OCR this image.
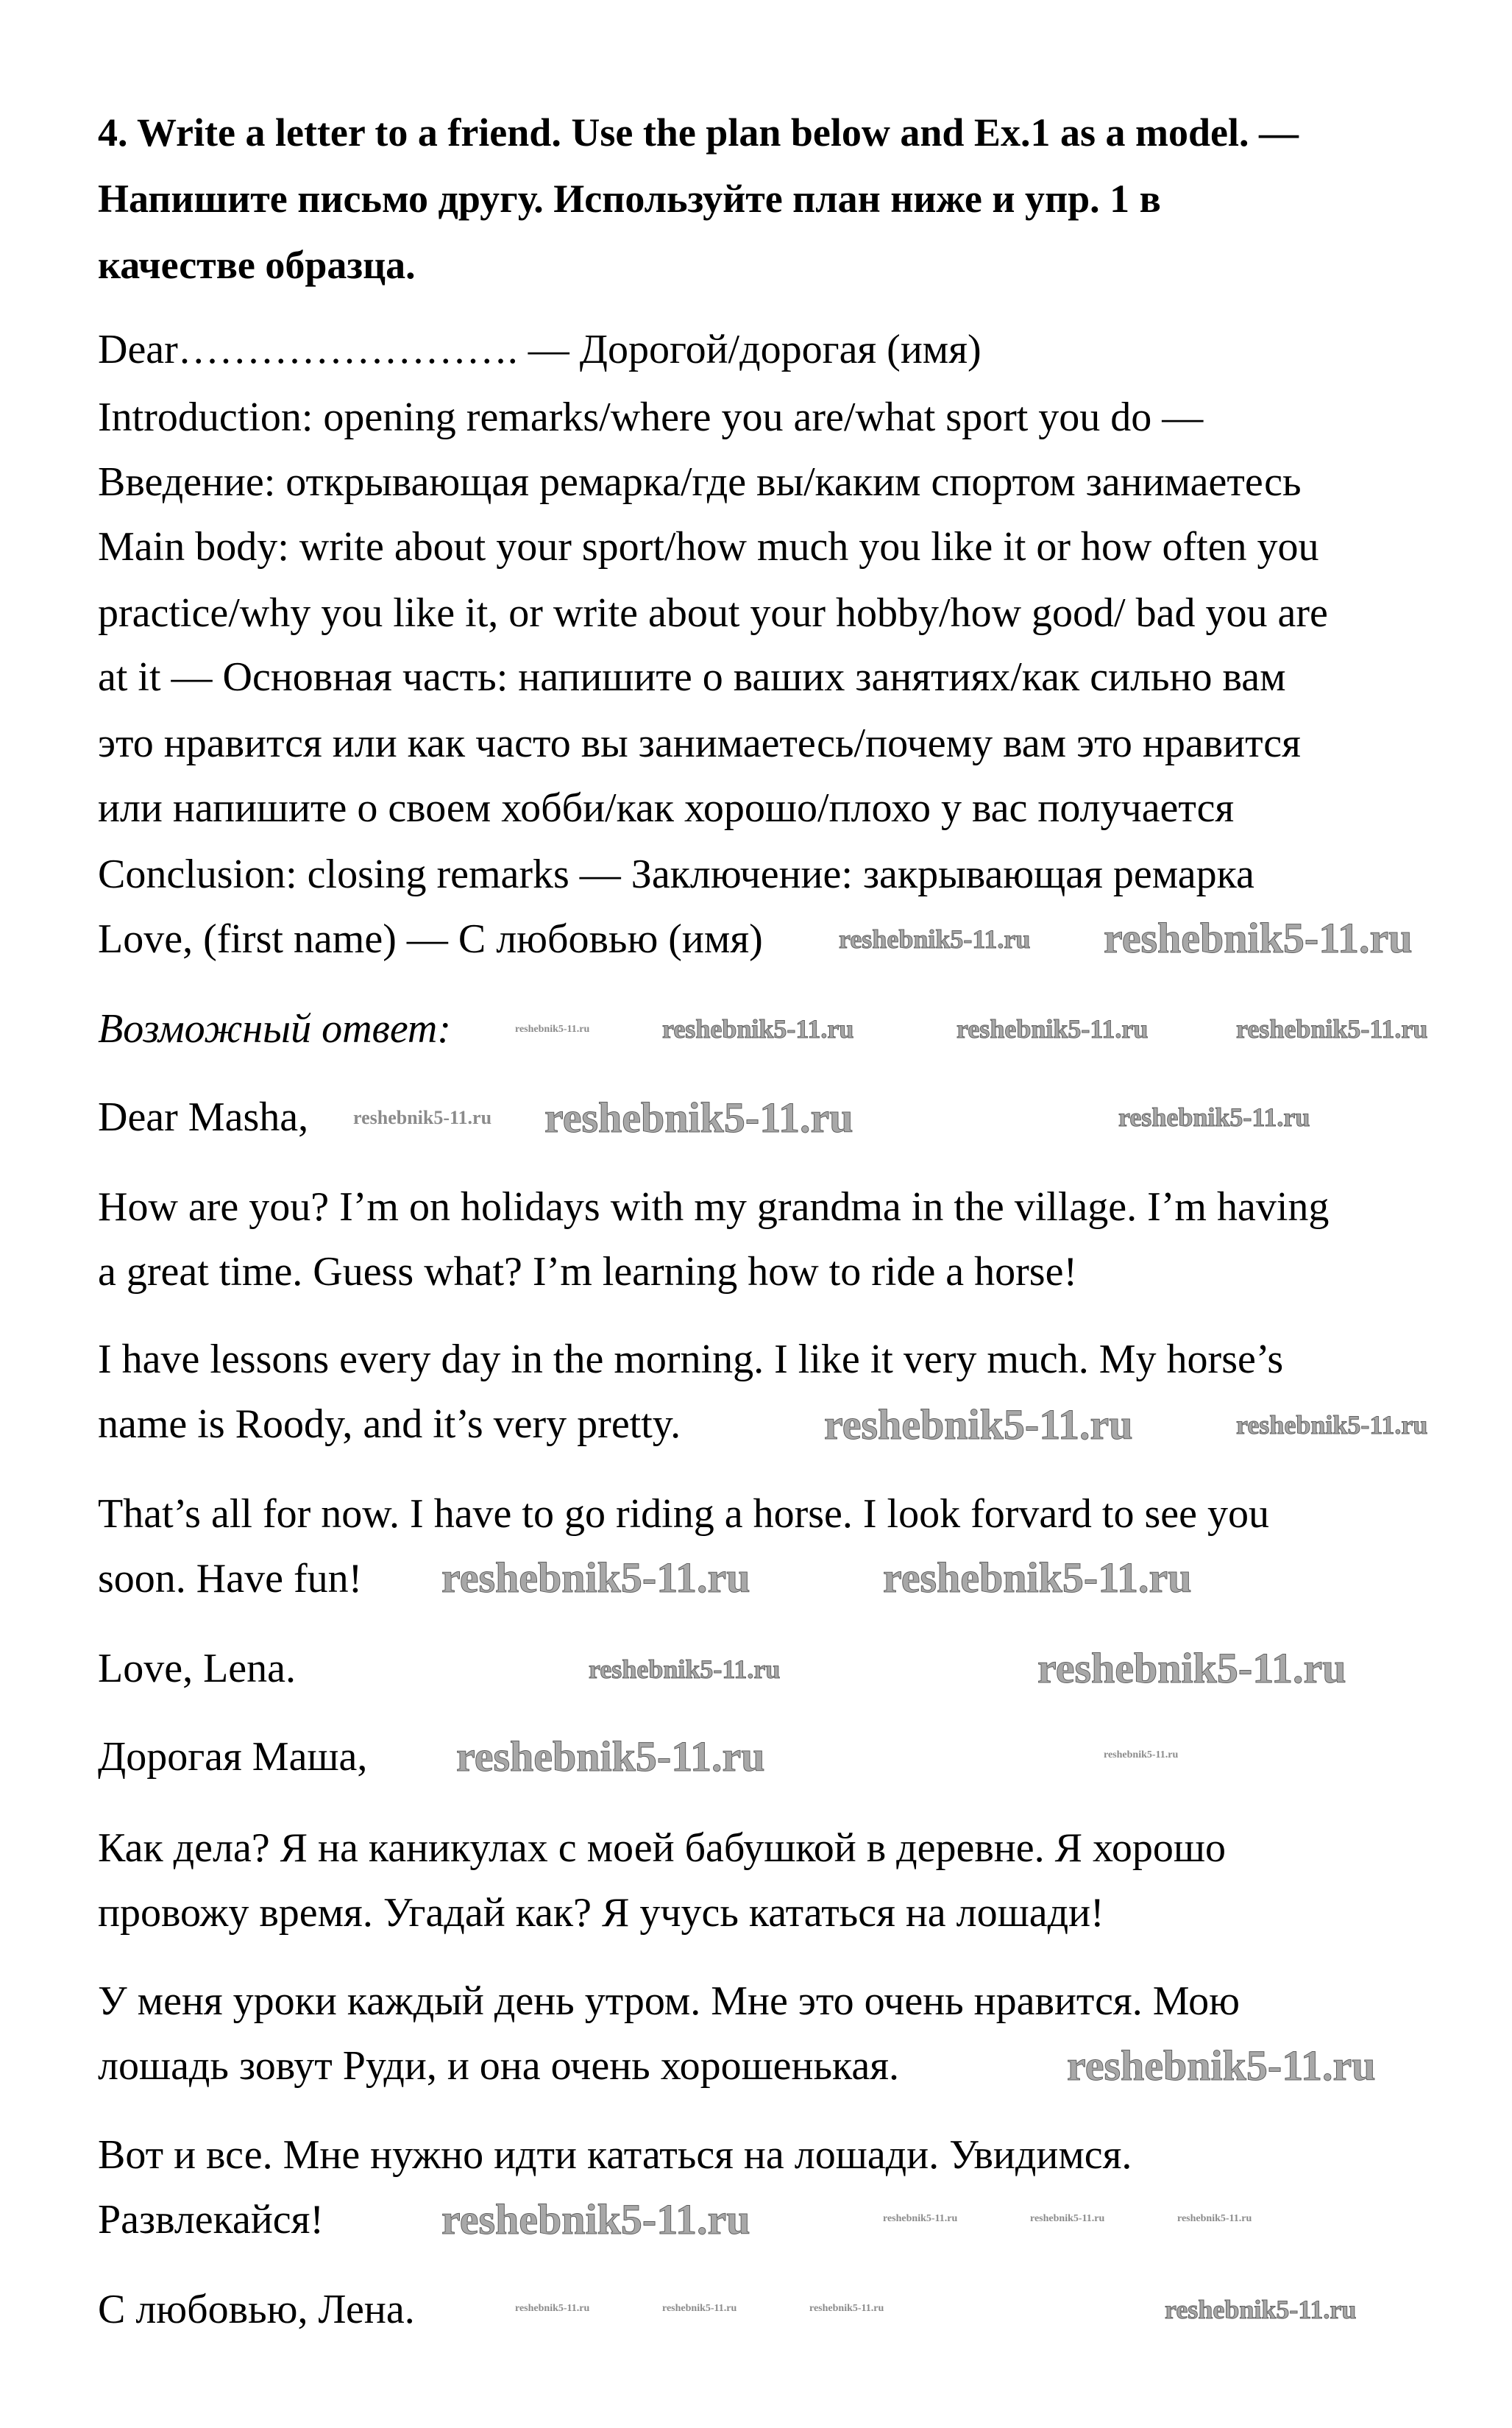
4. Write a letter to a friend. Use the plan below and Ex.1 as a model. —
Напишите письмо другу. Используйте план ниже и упр. 1 в
качестве образца.
Dear……………………. — Дорогой/дорогая (имя)
Introduction: opening remarks/where you are/what sport you do —
Введение: открывающая ремарка/где вы/каким спортом занимаетесь
Main body: write about your sport/how much you like it or how often you
practice/why you like it, or write about your hobby/how good/ bad you are
at it — Основная часть: напишите о ваших занятиях/как сильно вам
это нравится или как часто вы занимаетесь/почему вам это нравится
или напишите о своем хобби/как хорошо/плохо у вас получается
Conclusion: closing remarks — Заключение: закрывающая ремарка
Love, (first name) — С любовью (имя)
Возможный ответ:
Dear Masha,
How are you? I’m on holidays with my grandma in the village. I’m having
a great time. Guess what? I’m learning how to ride a horse!
I have lessons every day in the morning. I like it very much. My horse’s
name is Roody, and it’s very pretty.
That’s all for now. I have to go riding a horse. I look forvard to see you
soon. Have fun!
Love, Lena.
Дорогая Маша,
Как дела? Я на каникулах с моей бабушкой в деревне. Я хорошо
провожу время. Угадай как? Я учусь кататься на лошади!
У меня уроки каждый день утром. Мне это очень нравится. Мою
лошадь зовут Руди, и она очень хорошенькая.
Вот и все. Мне нужно идти кататься на лошади. Увидимся.
Развлекайся!
С любовью, Лена.
reshebnik5-11.ru
reshebnik5-11.ru
reshebnik5-11.ru	reshebnik5-11.ru	reshebnik5-11.ru
reshebnik5-11.ru
reshebnik5-11.ru
reshebnik5-11.ru
reshebnik5-11.ru
reshebnik5-11.ru
reshebnik5-11.ru
reshebnik5-11.ru
reshebnik5-11.ru
reshebnik5-11.ru
reshebnik5-11.ru
reshebnik5-11.ru
reshebnik5-11.ru
reshebnik5-11.ru	reshebnik5-11.ru
reshebnik5-11.ru
reshebnik5-11.ru
reshebnik5-11.ru
reshebnik5-11.ru	reshebnik5-11.ru
reshebnik5-11.ru	reshebnik5-11.ru
